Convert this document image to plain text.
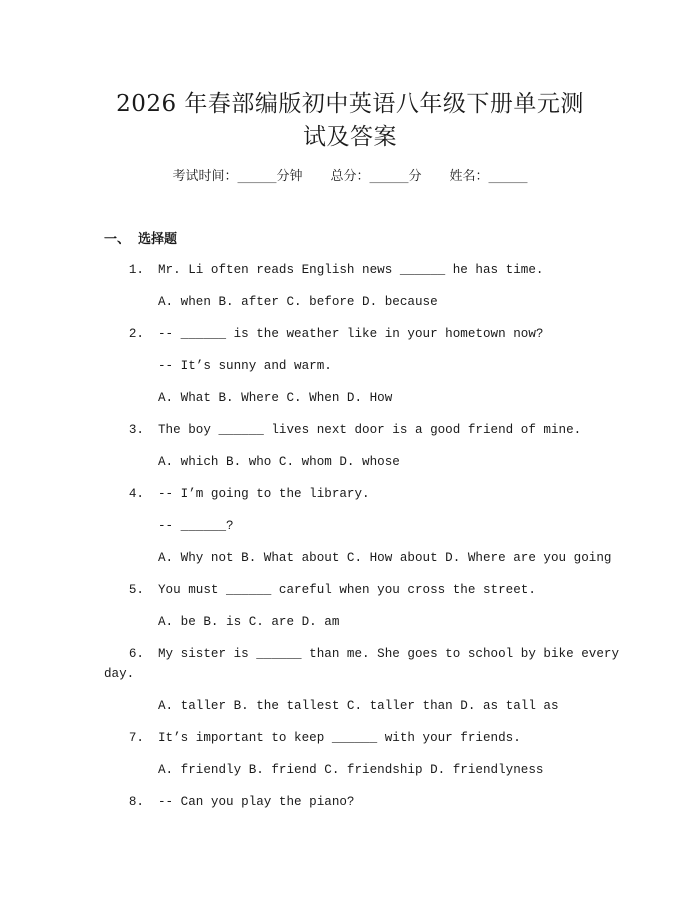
2026 年春部编版初中英语八年级下册单元测
试及答案
考试时间：______分钟 总分：______分 姓名：______
一、 选择题
1. Mr. Li often reads English news ______ he has time.
A. when B. after C. before D. because
2. -- ______ is the weather like in your hometown now?
-- It’s sunny and warm.
A. What B. Where C. When D. How
3. The boy ______ lives next door is a good friend of mine.
A. which B. who C. whom D. whose
4. -- I’m going to the library.
-- ______?
A. Why not B. What about C. How about D. Where are you going
5. You must ______ careful when you cross the street.
A. be B. is C. are D. am
6. My sister is ______ than me. She goes to school by bike every
day.
A. taller B. the tallest C. taller than D. as tall as
7. It’s important to keep ______ with your friends.
A. friendly B. friend C. friendship D. friendlyness
8. -- Can you play the piano?
